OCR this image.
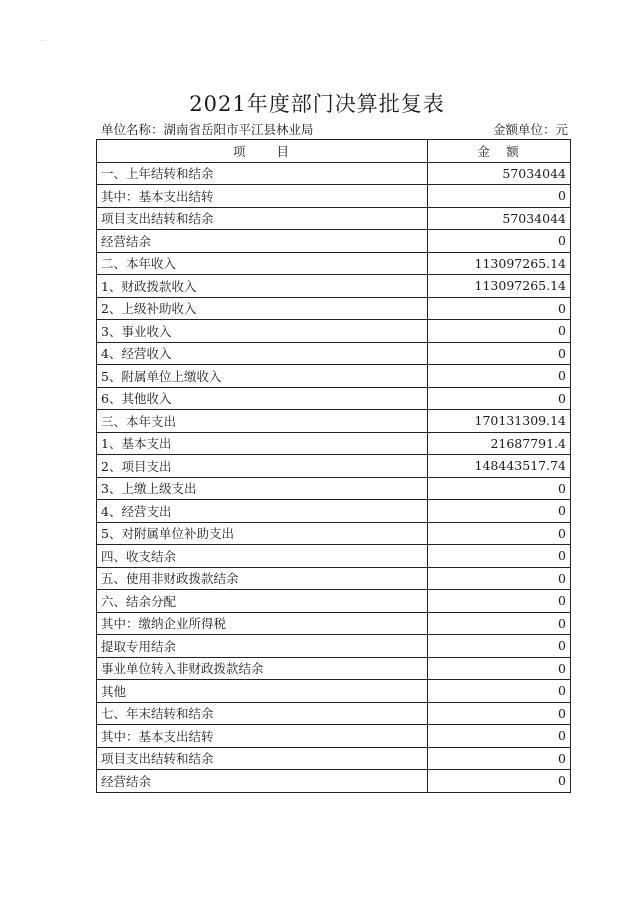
· ·
2021年度部门决算批复表
单位名称：湖南省岳阳市平江县林业局	金额单位：元
项　　目	金　额
一、上年结转和结余	57034044
其中：基本支出结转	0
项目支出结转和结余	57034044
经营结余	0
二、本年收入	113097265.14
1、财政拨款收入	113097265.14
2、上级补助收入	0
3、事业收入	0
4、经营收入	0
5、附属单位上缴收入	0
6、其他收入	0
三、本年支出	170131309.14
1、基本支出	21687791.4
2、项目支出	148443517.74
3、上缴上级支出	0
4、经营支出	0
5、对附属单位补助支出	0
四、收支结余	0
五、使用非财政拨款结余	0
六、结余分配	0
其中：缴纳企业所得税	0
提取专用结余	0
事业单位转入非财政拨款结余	0
其他	0
七、年末结转和结余	0
其中：基本支出结转	0
项目支出结转和结余	0
经营结余	0
